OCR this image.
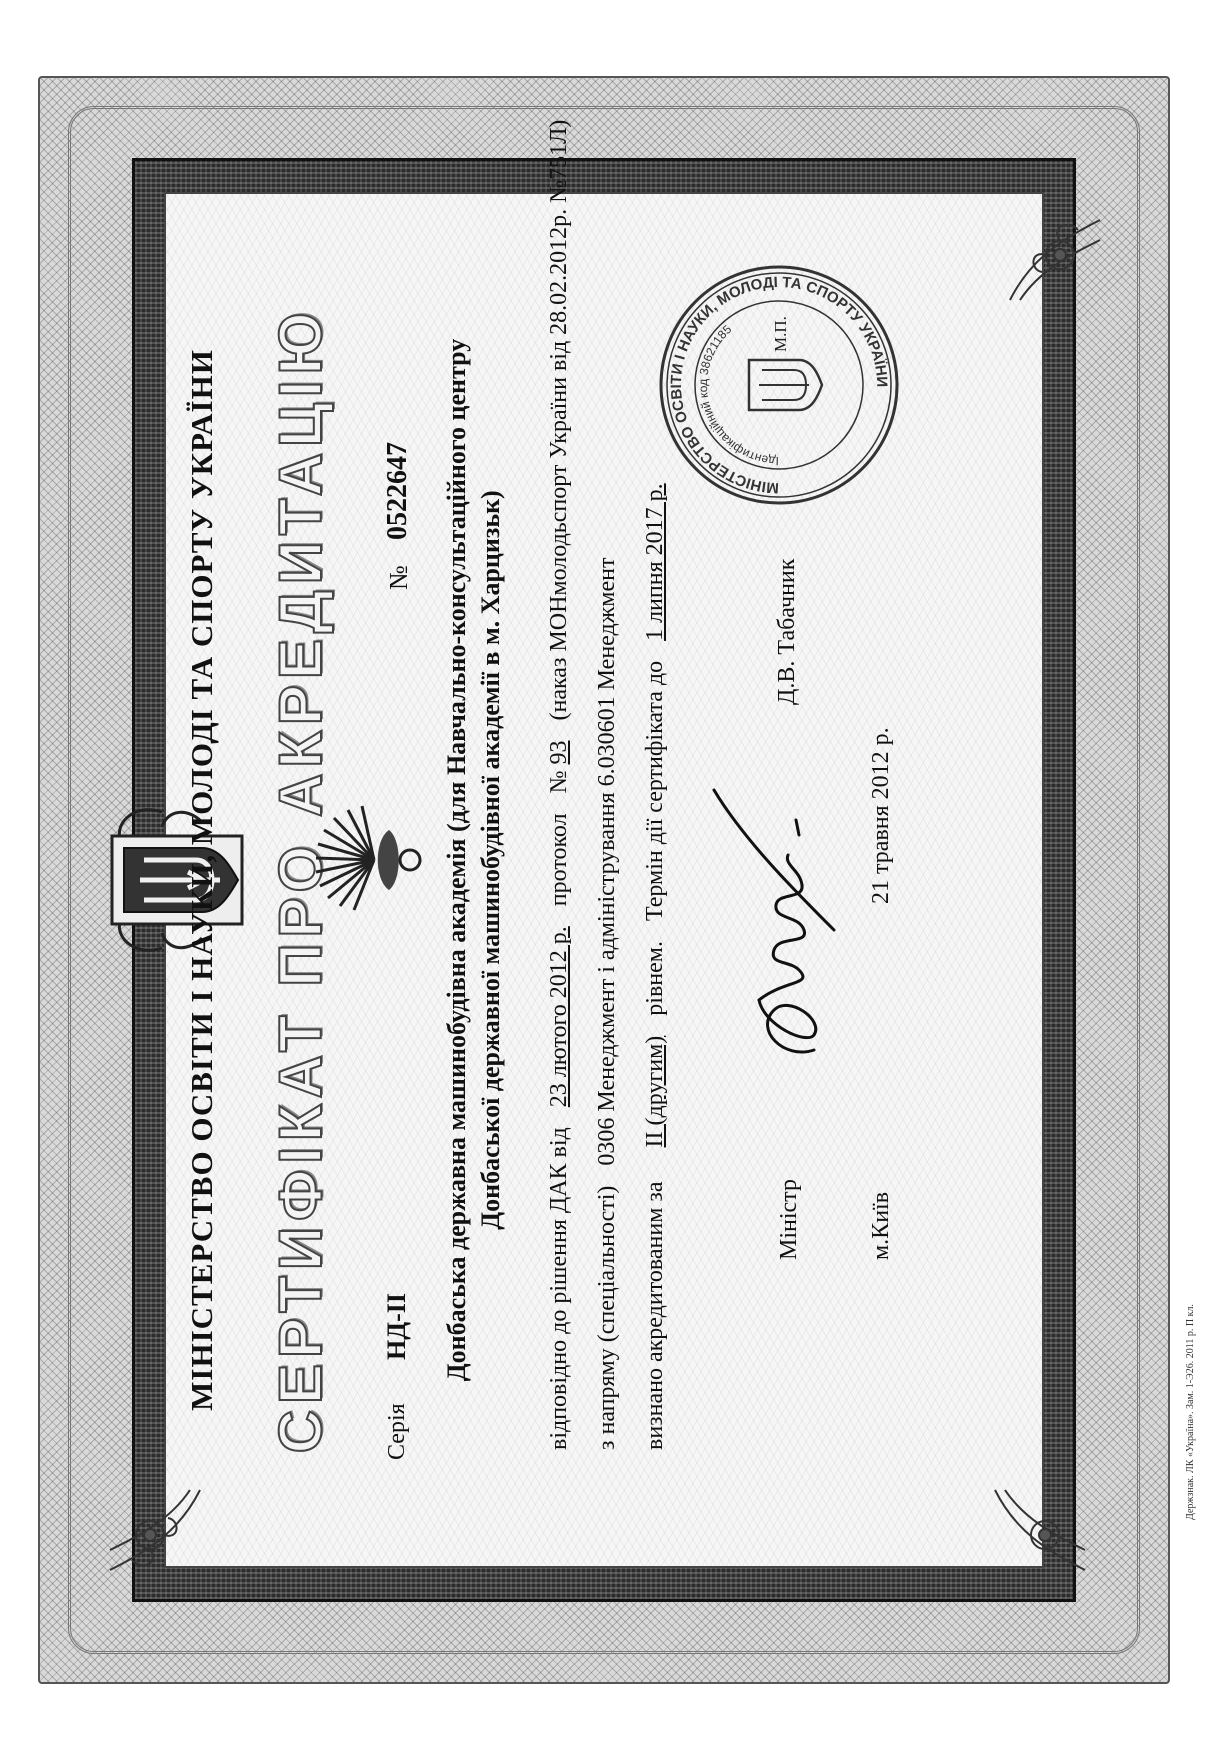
МІНІСТЕРСТВО ОСВІТИ І НАУКИ, МОЛОДІ ТА СПОРТУ УКРАЇНИ СЕРТИФІКАТ ПРО АКРЕДИТАЦІЮ Серія
НД-ІІ
№
0522647 Донбаська державна машинобудівна академія (для Навчально-консультаційного центру Донбаської державної машинобудівної академії в м. Харцизьк)
відповідно до рішення ДАК від 23 лютого 2012 р. протокол № 93 (наказ МОНмолодьспорт України від 28.02.2012р. №751Л)
з напряму (спеціальності) 0306 Менеджмент і адміністрування 6.030601 Менеджмент
визнано акредитованим за ІІ (другим) рівнем. Термін дії сертифіката до 1 липня 2017 р.
Міністр
Д.В. Табачник
м.Київ
21 травня 2012 р.
МІНІСТЕРСТВО ОСВІТИ І НАУКИ, МОЛОДІ ТА СПОРТУ УКРАЇНИ
Ідентифікаційний код 38621185	М.П.
Держзнак. ЛК «Україна». Зам. 1-Э26. 2011 р. П кл.
